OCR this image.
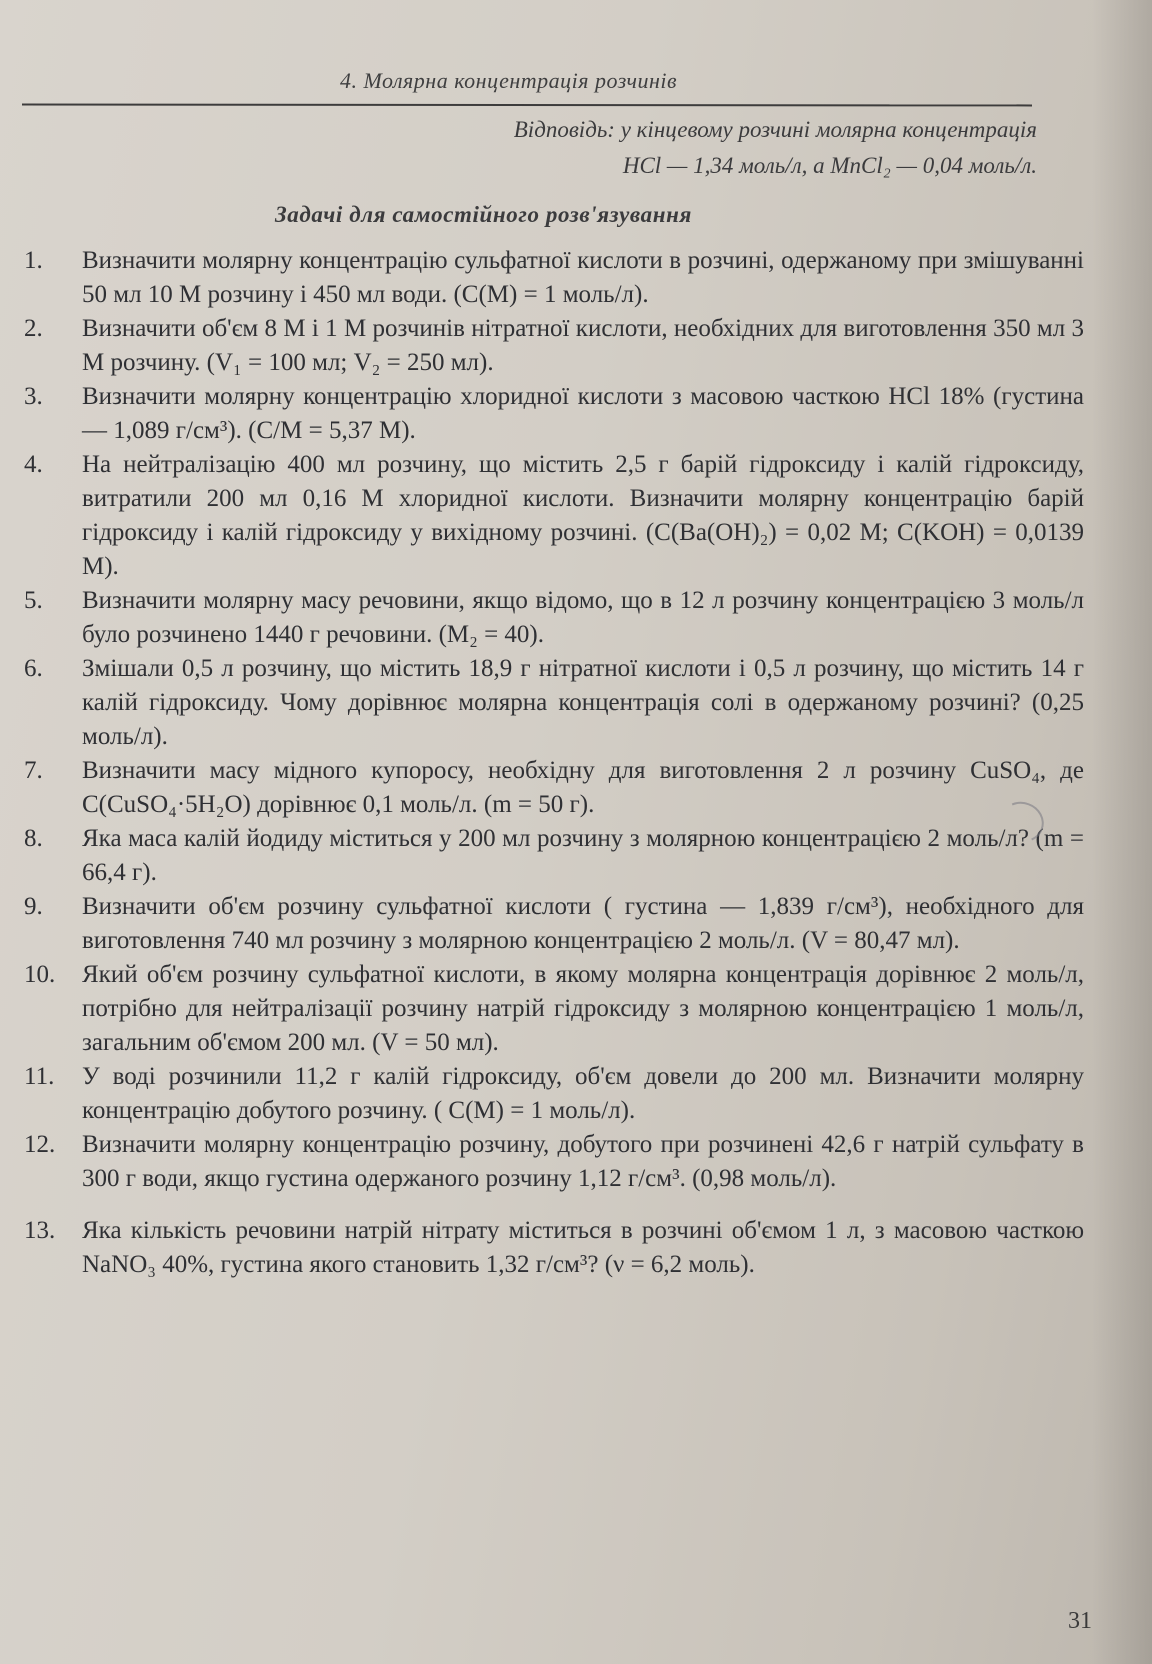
4. Молярна концентрація розчинів
Відповідь: у кінцевому розчині молярна концентрація
HCl — 1,34 моль/л, а MnCl₂ — 0,04 моль/л.
Задачі для самостійного розв'язування
1.	Визначити молярну концентрацію сульфатної кислоти в розчині, одержаному при змішуванні 50 мл 10 М розчину і 450 мл води. (C(M) = 1 моль/л).
2.	Визначити об'єм 8 М і 1 М розчинів нітратної кислоти, необхідних для виготовлення 350 мл 3 М розчину. (V₁ = 100 мл; V₂ = 250 мл).
3.	Визначити молярну концентрацію хлоридної кислоти з масовою часткою HCl 18% (густина — 1,089 г/см³). (C/M = 5,37 M).
4.	На нейтралізацію 400 мл розчину, що містить 2,5 г барій гідроксиду і калій гідроксиду, витратили 200 мл 0,16 М хлоридної кислоти. Визначити молярну концентрацію барій гідроксиду і калій гідроксиду у вихідному розчині. (C(Ba(OH)₂) = 0,02 M; C(KOH) = 0,0139 M).
5.	Визначити молярну масу речовини, якщо відомо, що в 12 л розчину концентрацією 3 моль/л було розчинено 1440 г речовини. (M₂ = 40).
6.	Змішали 0,5 л розчину, що містить 18,9 г нітратної кислоти і 0,5 л розчину, що містить 14 г калій гідроксиду. Чому дорівнює молярна концентрація солі в одержаному розчині? (0,25 моль/л).
7.	Визначити масу мідного купоросу, необхідну для виготовлення 2 л розчину CuSO₄, де C(CuSO₄·5H₂O) дорівнює 0,1 моль/л. (m = 50 г).
8.	Яка маса калій йодиду міститься у 200 мл розчину з молярною концентрацією 2 моль/л? (m = 66,4 г).
9.	Визначити об'єм розчину сульфатної кислоти ( густина — 1,839 г/см³), необхідного для виготовлення 740 мл розчину з молярною концентрацією 2 моль/л. (V = 80,47 мл).
10.	Який об'єм розчину сульфатної кислоти, в якому молярна концентрація дорівнює 2 моль/л, потрібно для нейтралізації розчину натрій гідроксиду з молярною концентрацією 1 моль/л, загальним об'ємом 200 мл. (V = 50 мл).
11.	У воді розчинили 11,2 г калій гідроксиду, об'єм довели до 200 мл. Визначити молярну концентрацію добутого розчину. ( C(M) = 1 моль/л).
12.	Визначити молярну концентрацію розчину, добутого при розчинені 42,6 г натрій сульфату в 300 г води, якщо густина одержаного розчину 1,12 г/см³. (0,98 моль/л).
13.	Яка кількість речовини натрій нітрату міститься в розчині об'ємом 1 л, з масовою часткою NaNO₃ 40%, густина якого становить 1,32 г/см³? (ν = 6,2 моль).
31
